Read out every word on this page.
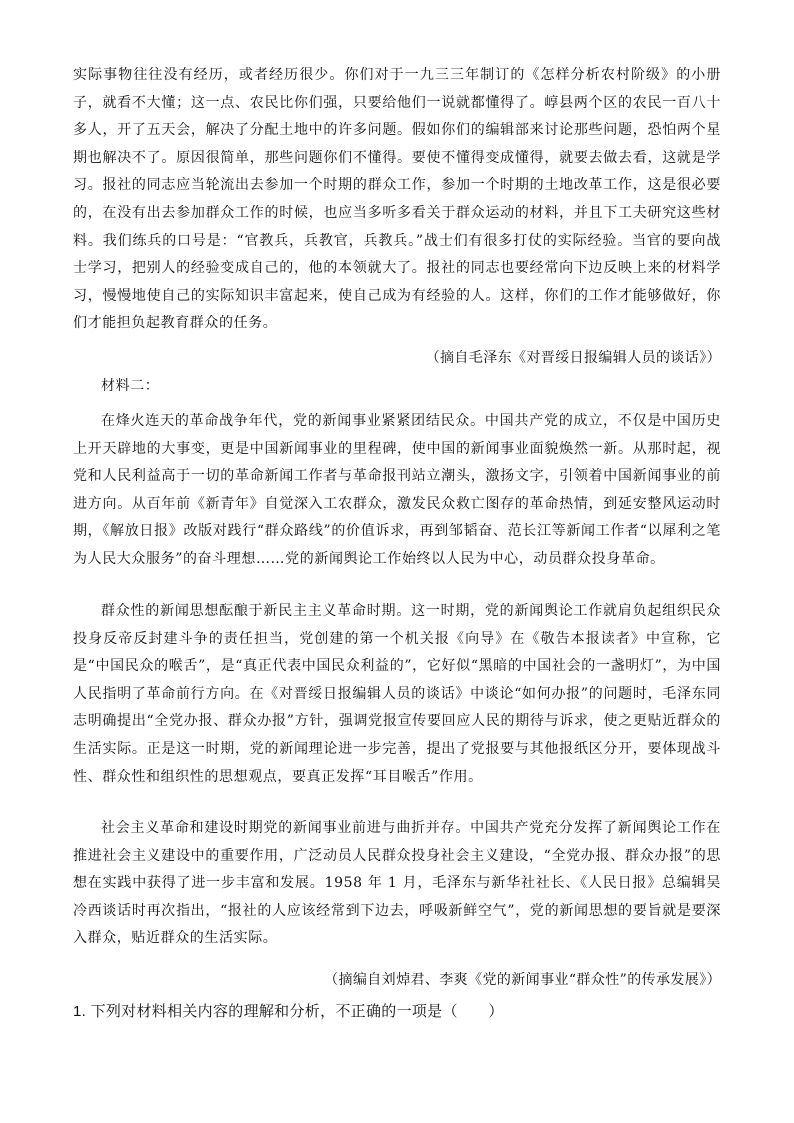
实际事物往往没有经历，或者经历很少。你们对于一九三三年制订的《怎样分析农村阶级》的小册子，就看不大懂；这一点、农民比你们强，只要给他们一说就都懂得了。崞县两个区的农民一百八十多人，开了五天会，解决了分配土地中的许多问题。假如你们的编辑部来讨论那些问题，恐怕两个星期也解决不了。原因很简单，那些问题你们不懂得。要使不懂得变成懂得，就要去做去看，这就是学习。报社的同志应当轮流出去参加一个时期的群众工作，参加一个时期的土地改革工作，这是很必要的，在没有出去参加群众工作的时候，也应当多听多看关于群众运动的材料，并且下工夫研究这些材料。我们练兵的口号是：“官教兵，兵教官，兵教兵。”战士们有很多打仗的实际经验。当官的要向战士学习，把别人的经验变成自己的，他的本领就大了。报社的同志也要经常向下边反映上来的材料学习，慢慢地使自己的实际知识丰富起来，使自己成为有经验的人。这样，你们的工作才能够做好，你们才能担负起教育群众的任务。

（摘自毛泽东《对晋绥日报编辑人员的谈话》）
材料二：

在烽火连天的革命战争年代，党的新闻事业紧紧团结民众。中国共产党的成立，不仅是中国历史上开天辟地的大事变，更是中国新闻事业的里程碑，使中国的新闻事业面貌焕然一新。从那时起，视党和人民利益高于一切的革命新闻工作者与革命报刊站立潮头，激扬文字，引领着中国新闻事业的前进方向。从百年前《新青年》自觉深入工农群众，激发民众救亡图存的革命热情，到延安整风运动时期，《解放日报》改版对践行“群众路线”的价值诉求，再到邹韬奋、范长江等新闻工作者“以犀利之笔为人民大众服务”的奋斗理想……党的新闻舆论工作始终以人民为中心，动员群众投身革命。

群众性的新闻思想酝酿于新民主主义革命时期。这一时期，党的新闻舆论工作就肩负起组织民众投身反帝反封建斗争的责任担当，党创建的第一个机关报《向导》在《敬告本报读者》中宣称，它是“中国民众的喉舌”，是“真正代表中国民众利益的”，它好似“黑暗的中国社会的一盏明灯”，为中国人民指明了革命前行方向。在《对晋绥日报编辑人员的谈话》中谈论“如何办报”的问题时，毛泽东同志明确提出“全党办报、群众办报”方针，强调党报宣传要回应人民的期待与诉求，使之更贴近群众的生活实际。正是这一时期，党的新闻理论进一步完善，提出了党报要与其他报纸区分开，要体现战斗性、群众性和组织性的思想观点，要真正发挥“耳目喉舌”作用。

社会主义革命和建设时期党的新闻事业前进与曲折并存。中国共产党充分发挥了新闻舆论工作在推进社会主义建设中的重要作用，广泛动员人民群众投身社会主义建设，“全党办报、群众办报”的思想在实践中获得了进一步丰富和发展。1958 年 1 月，毛泽东与新华社社长、《人民日报》总编辑吴冷西谈话时再次指出，“报社的人应该经常到下边去，呼吸新鲜空气”，党的新闻思想的要旨就是要深入群众，贴近群众的生活实际。

（摘编自刘焯君、李爽《党的新闻事业“群众性”的传承发展》）
1. 下列对材料相关内容的理解和分析，不正确的一项是（　　）
